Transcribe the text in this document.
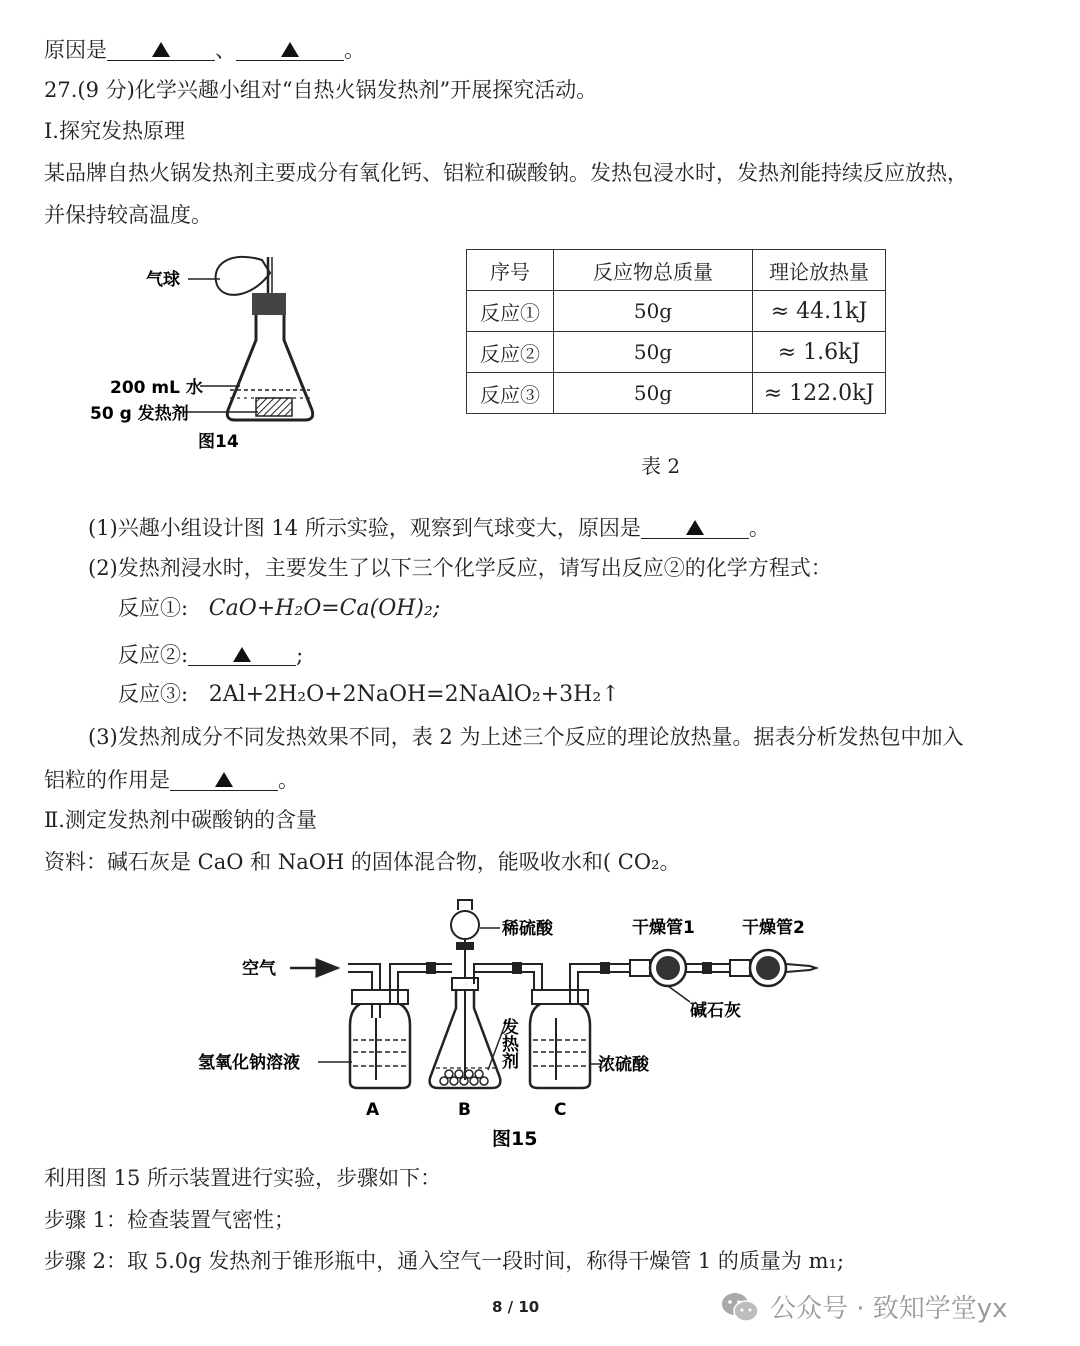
原因是	、	。
27.(9 分)化学兴趣小组对“自热火锅发热剂”开展探究活动。
Ⅰ.探究发热原理
某品牌自热火锅发热剂主要成分有氧化钙、铝粒和碳酸钠。发热包浸水时，发热剂能持续反应放热，
并保持较高温度。
气球
200 mL 水
50 g 发热剂
图14
序号	反应物总质量	理论放热量
反应①	50g	≈ 44.1kJ
反应②	50g	≈ 1.6kJ
反应③	50g	≈ 122.0kJ
表 2
(1)兴趣小组设计图 14 所示实验，观察到气球变大，原因是	。
(2)发热剂浸水时，主要发生了以下三个化学反应，请写出反应②的化学方程式：
反应①: CaO+H₂O=Ca(OH)₂;
反应②:	;
反应③: 2Al+2H₂O+2NaOH=2NaAlO₂+3H₂↑
(3)发热剂成分不同发热效果不同，表 2 为上述三个反应的理论放热量。据表分析发热包中加入
铝粒的作用是	。
Ⅱ.测定发热剂中碳酸钠的含量
资料：碱石灰是 CaO 和 NaOH 的固体混合物，能吸收水和( CO₂。
空气
稀硫酸	干燥管1	干燥管2
碱石灰
氢氧化钠溶液	浓硫酸
发热剂
A	B	C
图15
利用图 15 所示装置进行实验，步骤如下：
步骤 1：检查装置气密性；
步骤 2：取 5.0g 发热剂于锥形瓶中，通入空气一段时间，称得干燥管 1 的质量为 m₁;
8 / 10	公众号 · 致知学堂yx
